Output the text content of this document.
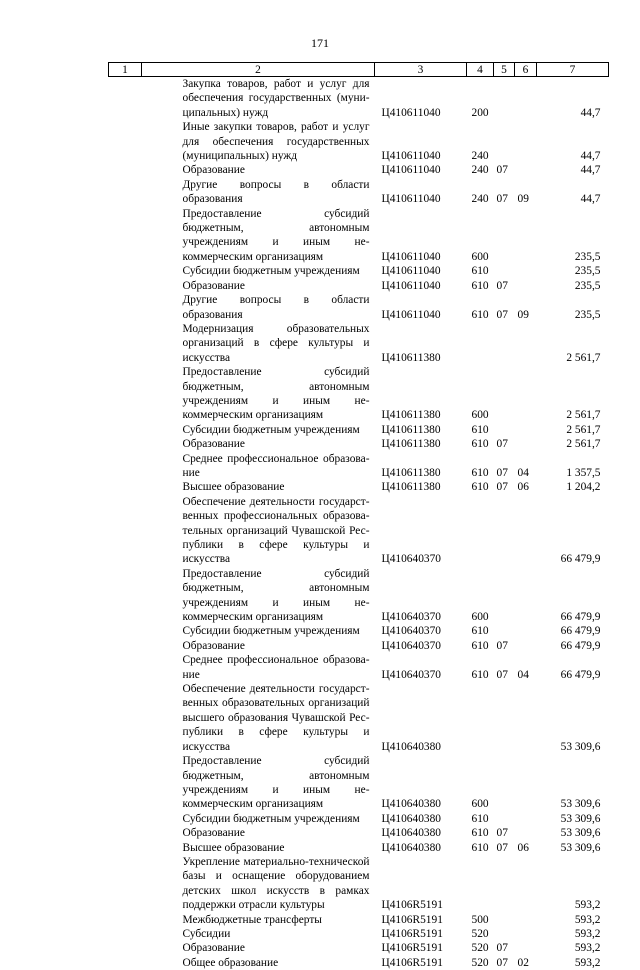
171
1	2	3	4	5	6	7
	Закупка товаров, работ и услуг для обеспечения государственных (муниципальных) нужд	Ц410611040	200			44,7
	Иные закупки товаров, работ и услуг для обеспечения государственных (муниципальных) нужд	Ц410611040	240			44,7
	Образование	Ц410611040	240	07		44,7
	Другие вопросы в области образования	Ц410611040	240	07	09	44,7
	Предоставление субсидий бюджетным, автономным учреждениям и иным некоммерческим организациям	Ц410611040	600			235,5
	Субсидии бюджетным учреждениям	Ц410611040	610			235,5
	Образование	Ц410611040	610	07		235,5
	Другие вопросы в области образования	Ц410611040	610	07	09	235,5
	Модернизация образовательных организаций в сфере культуры и искусства	Ц410611380				2 561,7
	Предоставление субсидий бюджетным, автономным учреждениям и иным некоммерческим организациям	Ц410611380	600			2 561,7
	Субсидии бюджетным учреждениям	Ц410611380	610			2 561,7
	Образование	Ц410611380	610	07		2 561,7
	Среднее профессиональное образование	Ц410611380	610	07	04	1 357,5
	Высшее образование	Ц410611380	610	07	06	1 204,2
	Обеспечение деятельности государственных профессиональных образовательных организаций Чувашской Республики в сфере культуры и искусства	Ц410640370				66 479,9
	Предоставление субсидий бюджетным, автономным учреждениям и иным некоммерческим организациям	Ц410640370	600			66 479,9
	Субсидии бюджетным учреждениям	Ц410640370	610			66 479,9
	Образование	Ц410640370	610	07		66 479,9
	Среднее профессиональное образование	Ц410640370	610	07	04	66 479,9
	Обеспечение деятельности государственных образовательных организаций высшего образования Чувашской Республики в сфере культуры и искусства	Ц410640380				53 309,6
	Предоставление субсидий бюджетным, автономным учреждениям и иным некоммерческим организациям	Ц410640380	600			53 309,6
	Субсидии бюджетным учреждениям	Ц410640380	610			53 309,6
	Образование	Ц410640380	610	07		53 309,6
	Высшее образование	Ц410640380	610	07	06	53 309,6
	Укрепление материально-технической базы и оснащение оборудованием детских школ искусств в рамках поддержки отрасли культуры	Ц4106R5191				593,2
	Межбюджетные трансферты	Ц4106R5191	500			593,2
	Субсидии	Ц4106R5191	520			593,2
	Образование	Ц4106R5191	520	07		593,2
	Общее образование	Ц4106R5191	520	07	02	593,2
